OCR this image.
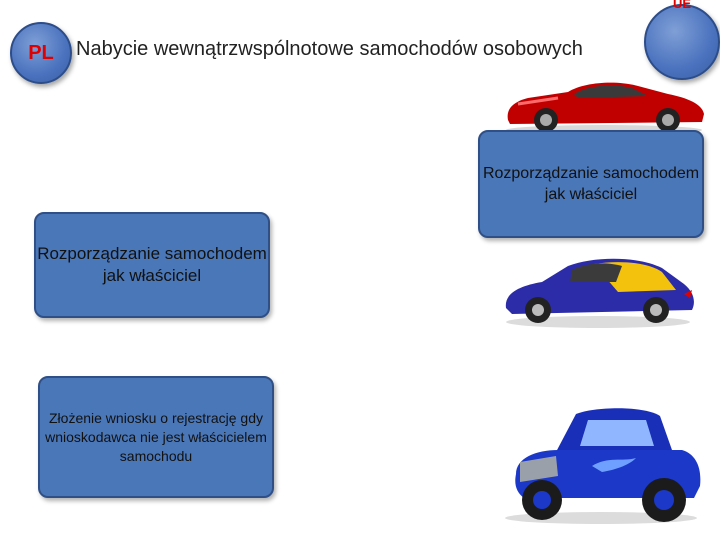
PL Nabycie wewnątrzwspólnotowe samochodów osobowych
UE
Rozporządzanie samochodem jak właściciel
Rozporządzanie samochodem jak właściciel
Złożenie wniosku o rejestrację gdy wnioskodawca nie jest właścicielem samochodu
